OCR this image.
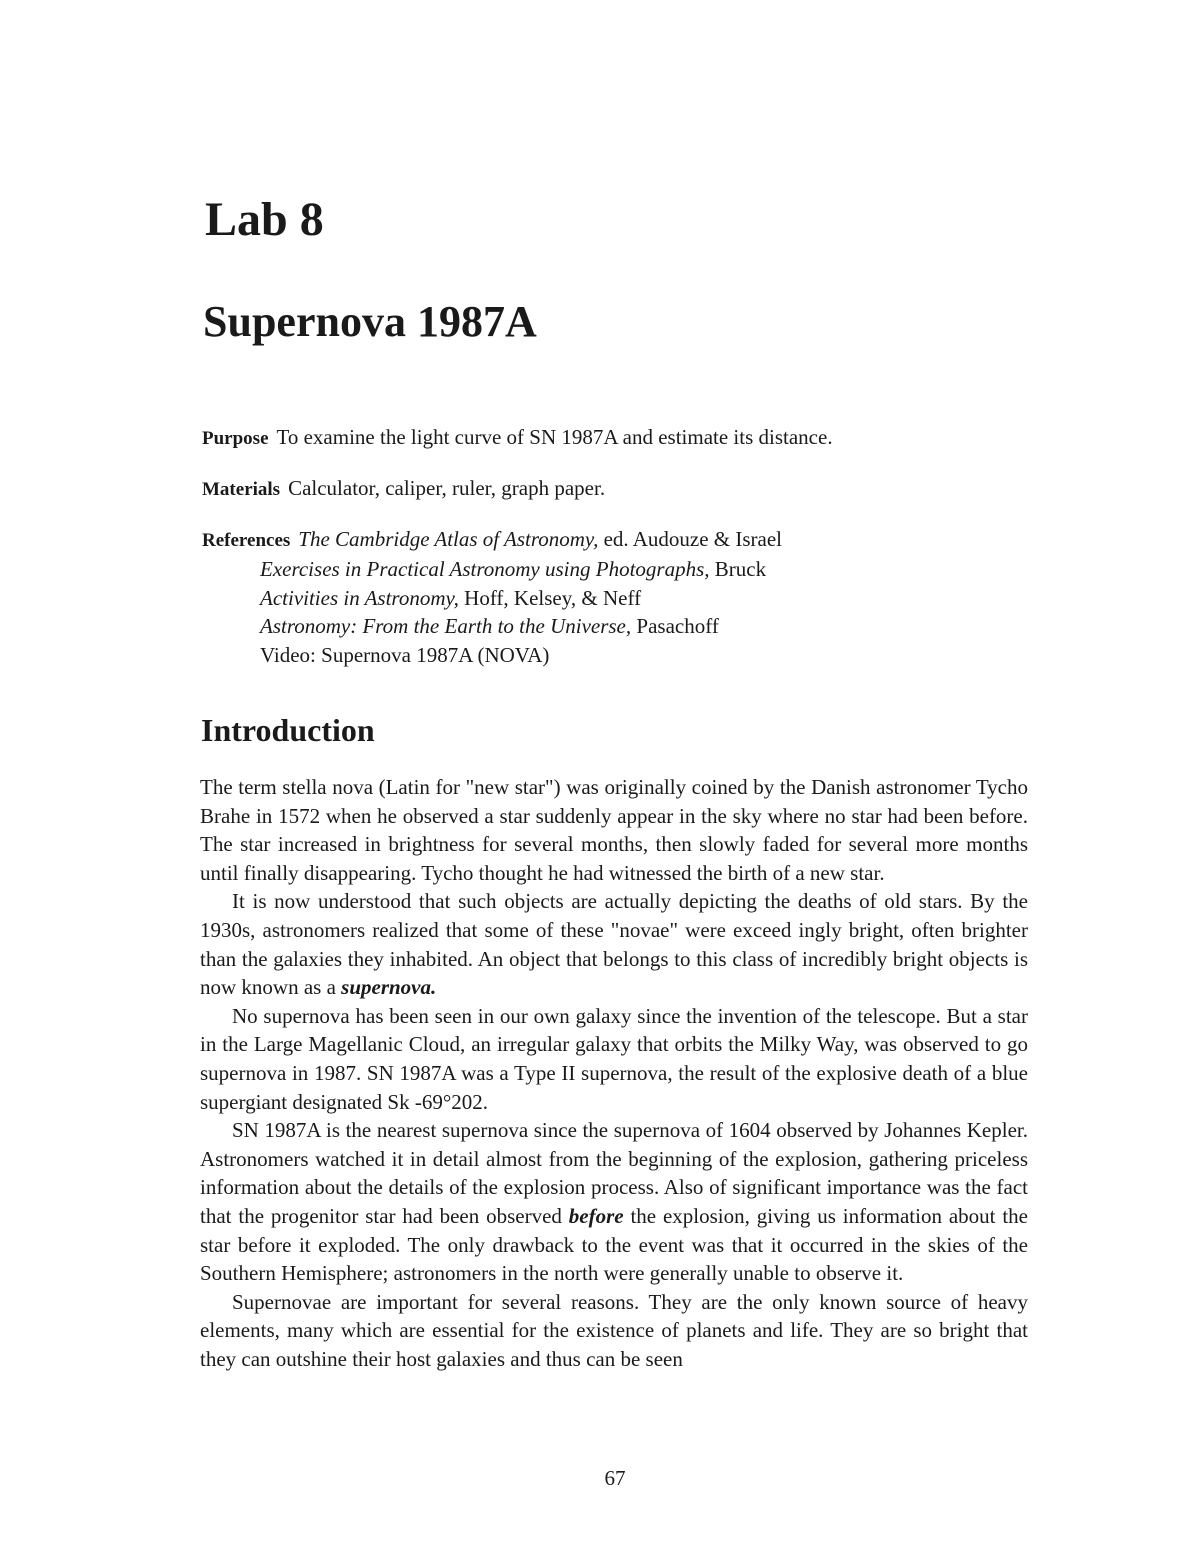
Lab 8
Supernova 1987A
Purpose To examine the light curve of SN 1987A and estimate its distance.
Materials Calculator, caliper, ruler, graph paper.
References The Cambridge Atlas of Astronomy, ed. Audouze & Israel
Exercises in Practical Astronomy using Photographs, Bruck
Activities in Astronomy, Hoff, Kelsey, & Neff
Astronomy: From the Earth to the Universe, Pasachoff
Video: Supernova 1987A (NOVA)
Introduction

The term stella nova (Latin for "new star") was originally coined by the Danish astronomer Tycho Brahe in 1572 when he observed a star suddenly appear in the sky where no star had been before. The star increased in brightness for several months, then slowly faded for several more months until finally disappearing. Tycho thought he had witnessed the birth of a new star.

It is now understood that such objects are actually depicting the deaths of old stars. By the 1930s, astronomers realized that some of these "novae" were exceed ingly bright, often brighter than the galaxies they inhabited. An object that belongs to this class of incredibly bright objects is now known as a supernova.

No supernova has been seen in our own galaxy since the invention of the telescope. But a star in the Large Magellanic Cloud, an irregular galaxy that orbits the Milky Way, was observed to go supernova in 1987. SN 1987A was a Type II supernova, the result of the explosive death of a blue supergiant designated Sk -69°202.

SN 1987A is the nearest supernova since the supernova of 1604 observed by Johannes Kepler. Astronomers watched it in detail almost from the beginning of the explosion, gathering priceless information about the details of the explosion process. Also of significant importance was the fact that the progenitor star had been observed before the explosion, giving us information about the star before it exploded. The only drawback to the event was that it occurred in the skies of the Southern Hemisphere; astronomers in the north were generally unable to observe it.

Supernovae are important for several reasons. They are the only known source of heavy elements, many which are essential for the existence of planets and life. They are so bright that they can outshine their host galaxies and thus can be seen

67
